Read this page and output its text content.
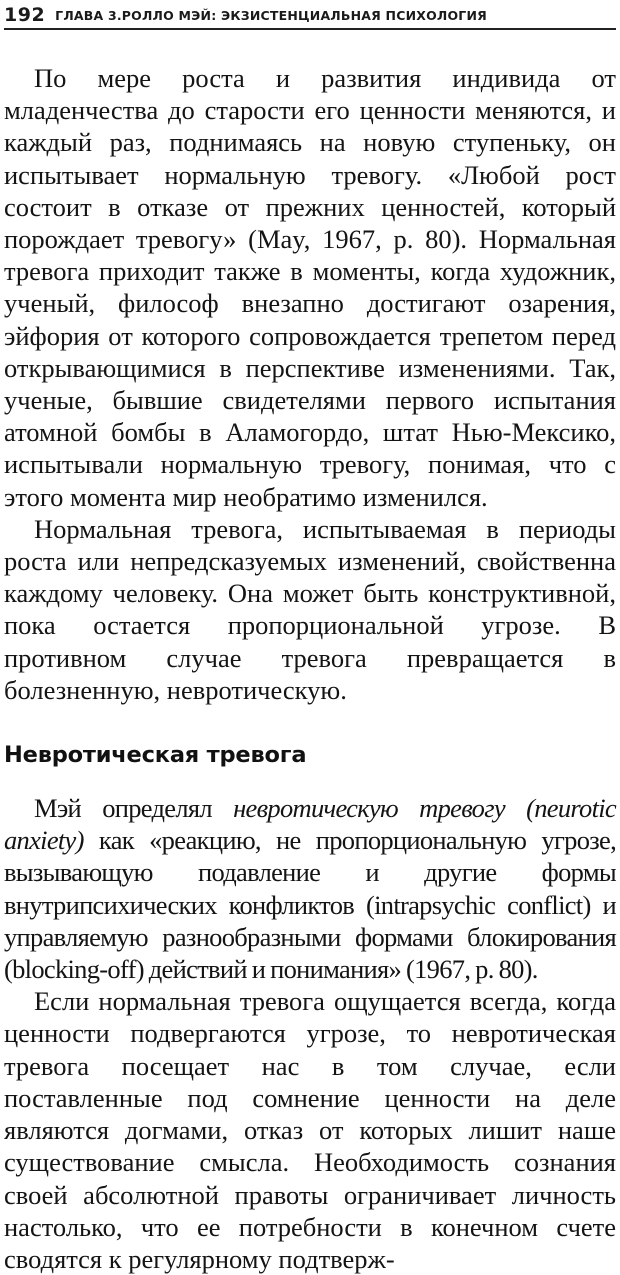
192 ГЛАВА 3.РОЛЛО МЭЙ: ЭКЗИСТЕНЦИАЛЬНАЯ ПСИХОЛОГИЯ

По мере роста и развития индивида от младенчества до старости его ценности меняются, и каждый раз, поднимаясь на новую ступеньку, он испытывает нормальную тревогу. «Любой рост состоит в отказе от прежних ценностей, который порождает тревогу» (May, 1967, p. 80). Нормальная тревога приходит также в моменты, когда художник, ученый, философ внезапно достигают озарения, эйфория от которого сопровождается трепетом перед открывающимися в перспективе изменениями. Так, ученые, бывшие свидетелями первого испытания атомной бомбы в Аламогордо, штат Нью-Мексико, испытывали нормальную тревогу, понимая, что с этого момента мир необратимо изменился.

Нормальная тревога, испытываемая в периоды роста или непредсказуемых изменений, свойственна каждому человеку. Она может быть конструктивной, пока остается пропорциональной угрозе. В противном случае тревога превращается в болезненную, невротическую.

Невротическая тревога

Мэй определял невротическую тревогу (neurotic anxiety) как «реакцию, не пропорциональную угрозе, вызывающую подавление и другие формы внутрипсихических конфликтов (intrapsychic conflict) и управляемую разнообразными формами блокирования (blocking-off) действий и понимания» (1967, p. 80).

Если нормальная тревога ощущается всегда, когда ценности подвергаются угрозе, то невротическая тревога посещает нас в том случае, если поставленные под сомнение ценности на деле являются догмами, отказ от которых лишит наше существование смысла. Необходимость сознания своей абсолютной правоты ограничивает личность настолько, что ее потребности в конечном счете сводятся к регулярному подтверж-
